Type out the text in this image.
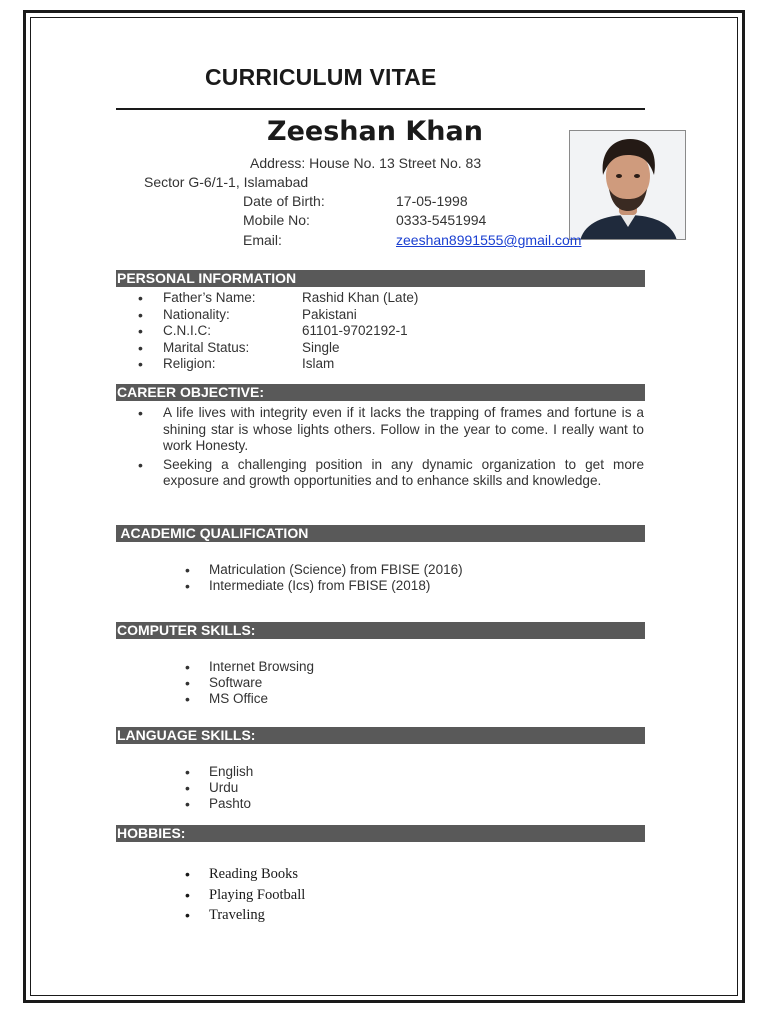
CURRICULUM VITAE
Zeeshan Khan
Address: House No. 13 Street No. 83
Sector G-6/1-1, Islamabad
Date of Birth:	17-05-1998
Mobile No:	0333-5451994
Email:	zeeshan8991555@gmail.com
PERSONAL INFORMATION
• Father’s Name:	Rashid Khan (Late)
• Nationality:	Pakistani
• C.N.I.C:	61101-9702192-1
• Marital Status:	Single
• Religion:	Islam
CAREER OBJECTIVE:
• A life lives with integrity even if it lacks the trapping of frames and fortune is a shining star is whose lights others. Follow in the year to come. I really want to work Honesty.
• Seeking a challenging position in any dynamic organization to get more exposure and growth opportunities and to enhance skills and knowledge.
ACADEMIC QUALIFICATION
• Matriculation (Science) from FBISE (2016)
• Intermediate (Ics) from FBISE (2018)
COMPUTER SKILLS:
• Internet Browsing
• Software
• MS Office
LANGUAGE SKILLS:
• English
• Urdu
• Pashto
HOBBIES:
• Reading Books
• Playing Football
• Traveling
